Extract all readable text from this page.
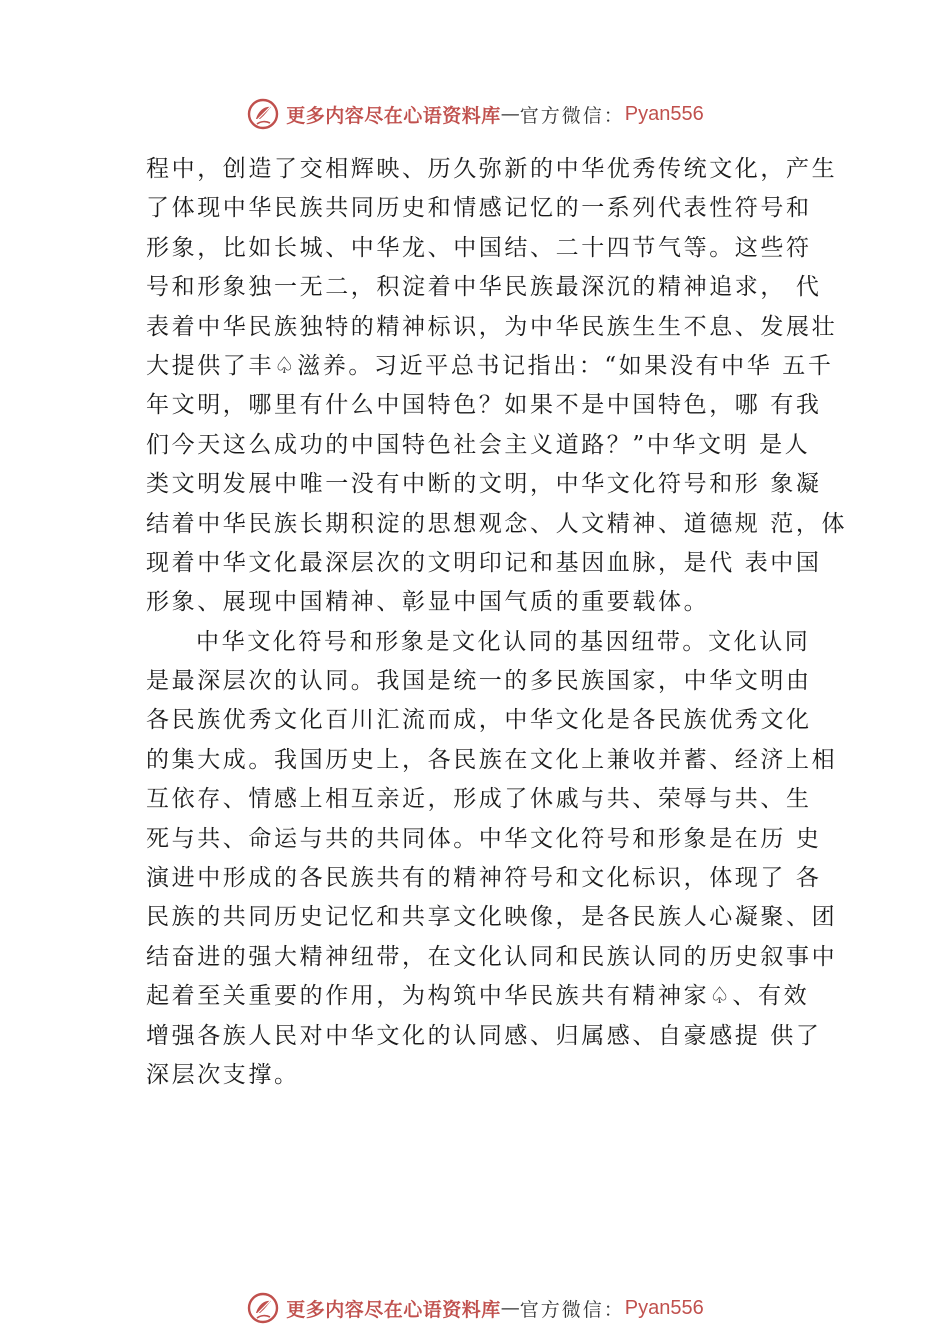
更多内容尽在心语资料库 — 官方微信： Pyan556
程中，创造了交相辉映、历久弥新的中华优秀传统文化，产生
了体现中华民族共同历史和情感记忆的一系列代表性符号和
形象，比如长城、中华龙、中国结、二十四节气等。这些符
号和形象独一无二，积淀着中华民族最深沉的精神追求， 代
表着中华民族独特的精神标识，为中华民族生生不息、发展壮
大提供了丰♤滋养。习近平总书记指出：“如果没有中华 五千
年文明，哪里有什么中国特色？如果不是中国特色，哪 有我
们今天这么成功的中国特色社会主义道路？”中华文明 是人
类文明发展中唯一没有中断的文明，中华文化符号和形 象凝
结着中华民族长期积淀的思想观念、人文精神、道德规 范，体
现着中华文化最深层次的文明印记和基因血脉，是代 表中国
形象、展现中国精神、彰显中国气质的重要载体。
中华文化符号和形象是文化认同的基因纽带。文化认同
是最深层次的认同。我国是统一的多民族国家，中华文明由
各民族优秀文化百川汇流而成，中华文化是各民族优秀文化
的集大成。我国历史上，各民族在文化上兼收并蓄、经济上相
互依存、情感上相互亲近，形成了休戚与共、荣辱与共、生
死与共、命运与共的共同体。中华文化符号和形象是在历 史
演进中形成的各民族共有的精神符号和文化标识，体现了 各
民族的共同历史记忆和共享文化映像，是各民族人心凝聚、团
结奋进的强大精神纽带，在文化认同和民族认同的历史叙事中
起着至关重要的作用，为构筑中华民族共有精神家♤、有效
增强各族人民对中华文化的认同感、归属感、自豪感提 供了
深层次支撑。
更多内容尽在心语资料库 — 官方微信： Pyan556
